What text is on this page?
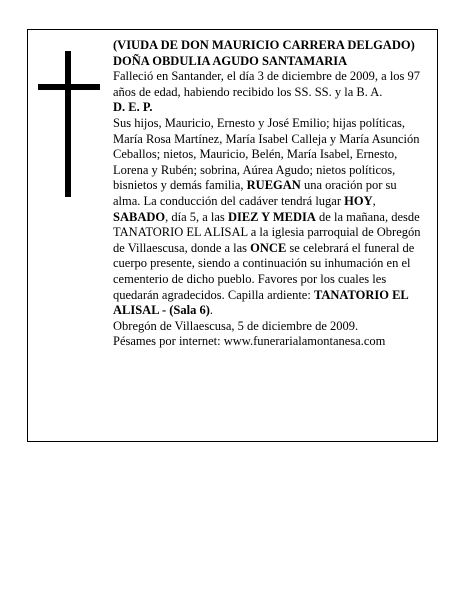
(VIUDA DE DON MAURICIO CARRERA DELGADO)

DOÑA OBDULIA AGUDO SANTAMARIA

Falleció en Santander, el día 3 de diciembre de 2009, a los 97 años de edad, habiendo recibido los SS. SS. y la B. A.

D. E. P.

Sus hijos, Mauricio, Ernesto y José Emilio; hijas políticas, María Rosa Martínez, María Isabel Calleja y María Asunción Ceballos; nietos, Mauricio, Belén, María Isabel, Ernesto, Lorena y Rubén; sobrina, Aúrea Agudo; nietos políticos, bisnietos y demás familia, RUEGAN una oración por su alma. La conducción del cadáver tendrá lugar HOY, SABADO, día 5, a las DIEZ Y MEDIA de la mañana, desde TANATORIO EL ALISAL a la iglesia parroquial de Obregón de Villaescusa, donde a las ONCE se celebrará el funeral de cuerpo presente, siendo a continuación su inhumación en el cementerio de dicho pueblo. Favores por los cuales les quedarán agradecidos. Capilla ardiente: TANATORIO EL ALISAL - (Sala 6).

Obregón de Villaescusa, 5 de diciembre de 2009.

Pésames por internet: www.funerarialamontanesa.com
